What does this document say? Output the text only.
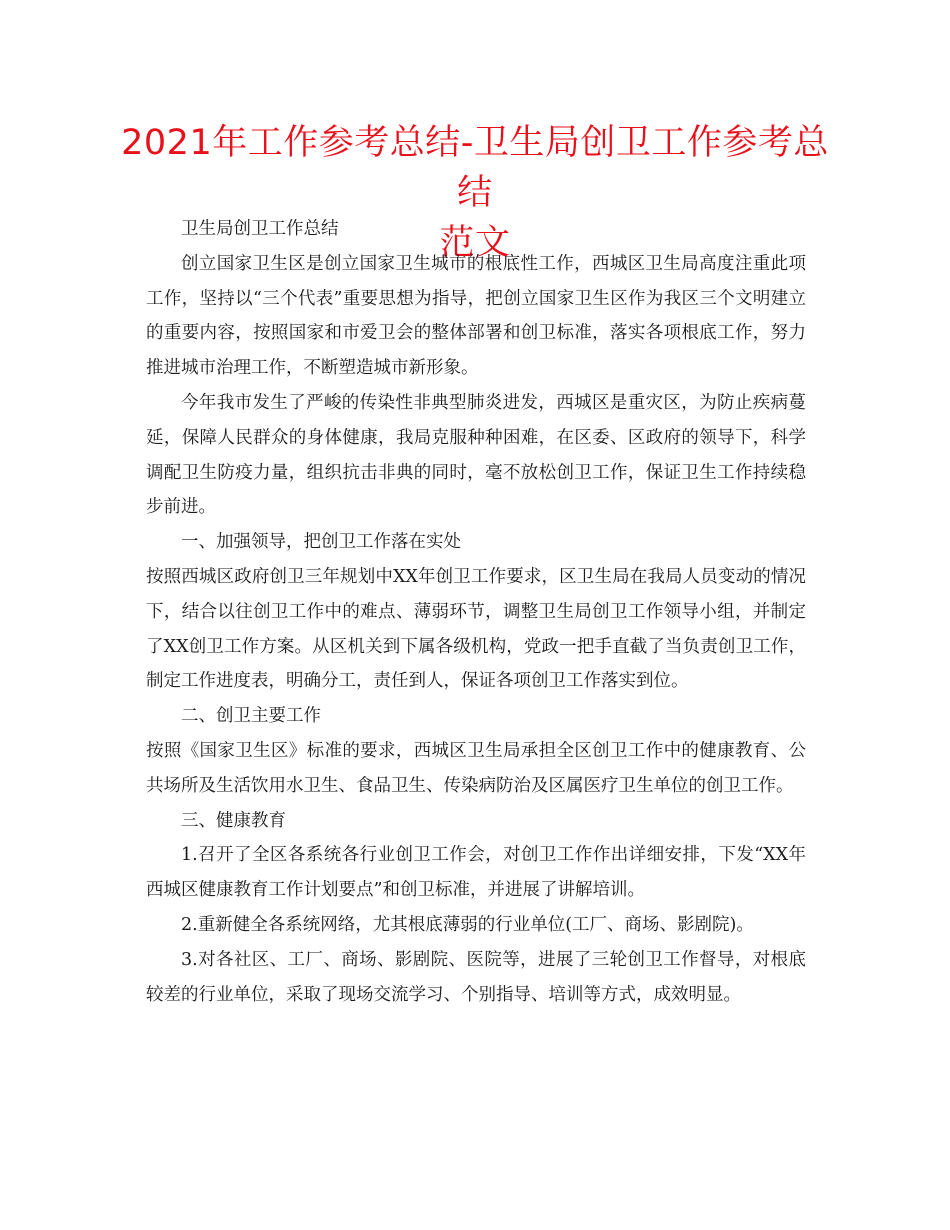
2021年工作参考总结-卫生局创卫工作参考总结
范文

卫生局创卫工作总结

创立国家卫生区是创立国家卫生城市的根底性工作，西城区卫生局高度注重此项工作，坚持以“三个代表”重要思想为指导，把创立国家卫生区作为我区三个文明建立的重要内容，按照国家和市爱卫会的整体部署和创卫标准，落实各项根底工作，努力推进城市治理工作，不断塑造城市新形象。

今年我市发生了严峻的传染性非典型肺炎进发，西城区是重灾区，为防止疾病蔓延，保障人民群众的身体健康，我局克服种种困难，在区委、区政府的领导下，科学调配卫生防疫力量，组织抗击非典的同时，毫不放松创卫工作，保证卫生工作持续稳步前进。

一、加强领导，把创卫工作落在实处

按照西城区政府创卫三年规划中XX年创卫工作要求，区卫生局在我局人员变动的情况下，结合以往创卫工作中的难点、薄弱环节，调整卫生局创卫工作领导小组，并制定了XX创卫工作方案。从区机关到下属各级机构，党政一把手直截了当负责创卫工作，制定工作进度表，明确分工，责任到人，保证各项创卫工作落实到位。

二、创卫主要工作

按照《国家卫生区》标准的要求，西城区卫生局承担全区创卫工作中的健康教育、公共场所及生活饮用水卫生、食品卫生、传染病防治及区属医疗卫生单位的创卫工作。

三、健康教育

1.召开了全区各系统各行业创卫工作会，对创卫工作作出详细安排，下发“XX年西城区健康教育工作计划要点”和创卫标准，并进展了讲解培训。

2.重新健全各系统网络，尤其根底薄弱的行业单位(工厂、商场、影剧院)。

3.对各社区、工厂、商场、影剧院、医院等，进展了三轮创卫工作督导，对根底较差的行业单位，采取了现场交流学习、个别指导、培训等方式，成效明显。
